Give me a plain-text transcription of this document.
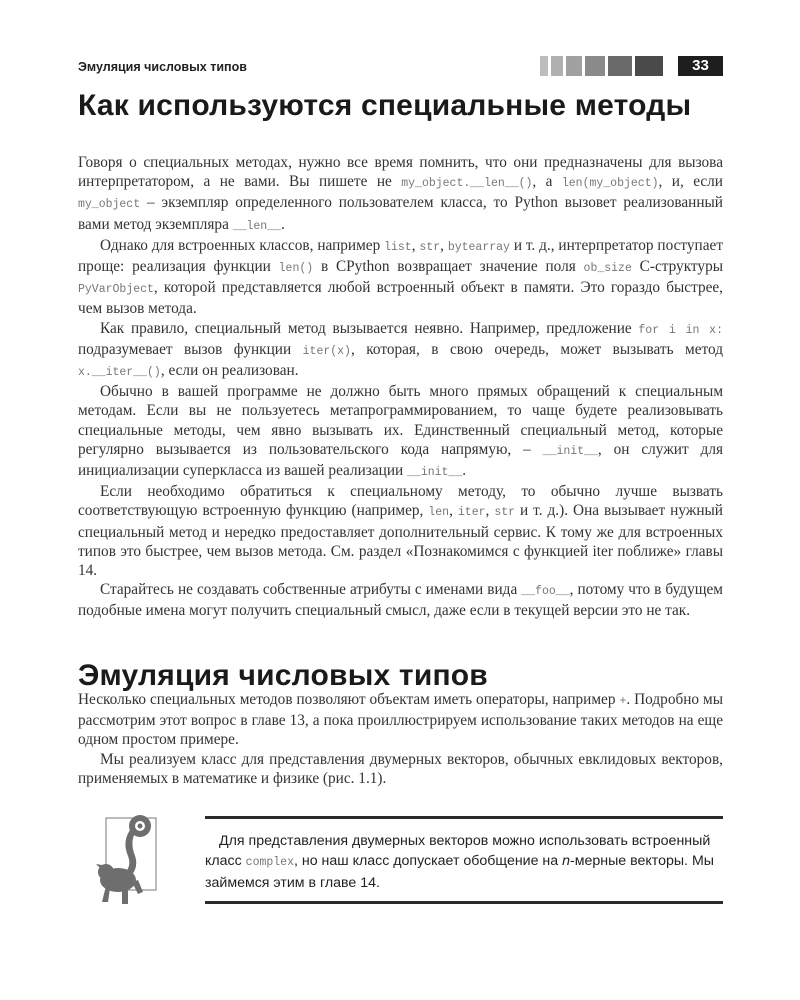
Эмуляция числовых типов	33
Как используются специальные методы

Говоря о специальных методах, нужно все время помнить, что они предназначены для вызова интерпретатором, а не вами. Вы пишете не my_object.__len__(), а len(my_object), и, если my_object – экземпляр определенного пользователем класса, то Python вызовет реализованный вами метод экземпляра __len__.

Однако для встроенных классов, например list, str, bytearray и т. д., интерпретатор поступает проще: реализация функции len() в CPython возвращает значение поля ob_size C-структуры PyVarObject, которой представляется любой встроенный объект в памяти. Это гораздо быстрее, чем вызов метода.

Как правило, специальный метод вызывается неявно. Например, предложение for i in x: подразумевает вызов функции iter(x), которая, в свою очередь, может вызывать метод x.__iter__(), если он реализован.

Обычно в вашей программе не должно быть много прямых обращений к специальным методам. Если вы не пользуетесь метапрограммированием, то чаще будете реализовывать специальные методы, чем явно вызывать их. Единственный специальный метод, которые регулярно вызывается из пользовательского кода напрямую, – __init__, он служит для инициализации суперкласса из вашей реализации __init__.

Если необходимо обратиться к специальному методу, то обычно лучше вызвать соответствующую встроенную функцию (например, len, iter, str и т. д.). Она вызывает нужный специальный метод и нередко предоставляет дополнительный сервис. К тому же для встроенных типов это быстрее, чем вызов метода. См. раздел «Познакомимся с функцией iter поближе» главы 14.

Старайтесь не создавать собственные атрибуты с именами вида __foo__, потому что в будущем подобные имена могут получить специальный смысл, даже если в текущей версии это не так.

Эмуляция числовых типов

Несколько специальных методов позволяют объектам иметь операторы, например +. Подробно мы рассмотрим этот вопрос в главе 13, а пока проиллюстрируем использование таких методов на еще одном простом примере.

Мы реализуем класс для представления двумерных векторов, обычных евклидовых векторов, применяемых в математике и физике (рис. 1.1).

Для представления двумерных векторов можно использовать встроенный класс complex, но наш класс допускает обобщение на n-мерные векторы. Мы займемся этим в главе 14.
